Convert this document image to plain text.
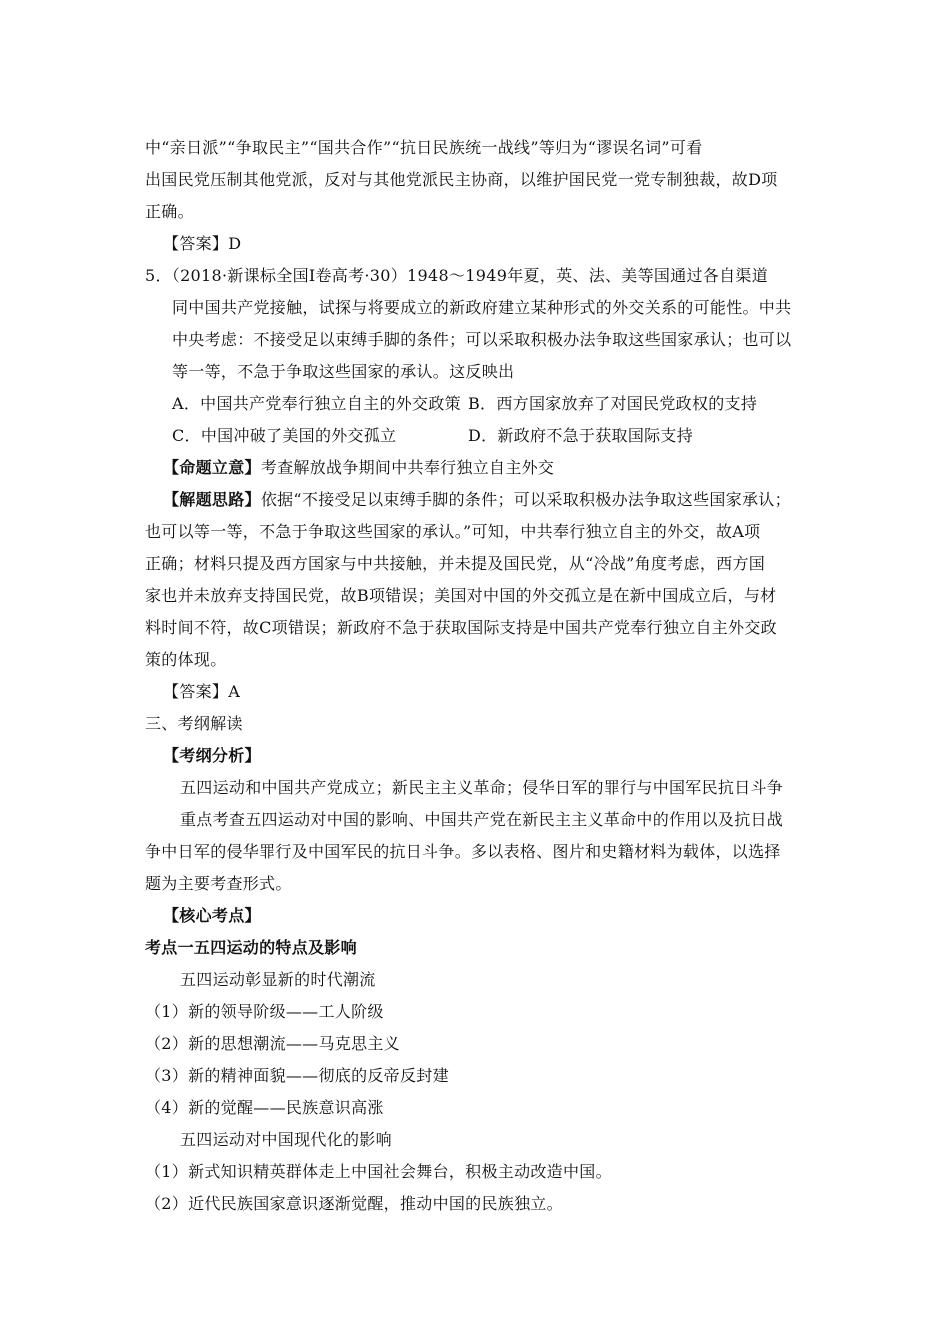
中“亲日派”“争取民主”“国共合作”“抗日民族统一战线”等归为“谬误名词”可看
出国民党压制其他党派，反对与其他党派民主协商，以维护国民党一党专制独裁，故D项
正确。
【答案】D
5．（2018·新课标全国Ⅰ卷高考·30）1948～1949年夏，英、法、美等国通过各自渠道
同中国共产党接触，试探与将要成立的新政府建立某种形式的外交关系的可能性。中共
中央考虑：不接受足以束缚手脚的条件；可以采取积极办法争取这些国家承认；也可以
等一等，不急于争取这些国家的承认。这反映出
A．中国共产党奉行独立自主的外交政策 B．西方国家放弃了对国民党政权的支持
C．中国冲破了美国的外交孤立	D．新政府不急于获取国际支持
【命题立意】考查解放战争期间中共奉行独立自主外交
【解题思路】依据“不接受足以束缚手脚的条件；可以采取积极办法争取这些国家承认；
也可以等一等，不急于争取这些国家的承认。”可知，中共奉行独立自主的外交，故A项
正确；材料只提及西方国家与中共接触，并未提及国民党，从“冷战”角度考虑，西方国
家也并未放弃支持国民党，故B项错误；美国对中国的外交孤立是在新中国成立后，与材
料时间不符，故C项错误；新政府不急于获取国际支持是中国共产党奉行独立自主外交政
策的体现。
【答案】A
三、考纲解读
【考纲分析】
五四运动和中国共产党成立；新民主主义革命；侵华日军的罪行与中国军民抗日斗争
重点考查五四运动对中国的影响、中国共产党在新民主主义革命中的作用以及抗日战
争中日军的侵华罪行及中国军民的抗日斗争。多以表格、图片和史籍材料为载体，以选择
题为主要考查形式。
【核心考点】
考点一五四运动的特点及影响
五四运动彰显新的时代潮流
（1）新的领导阶级——工人阶级
（2）新的思想潮流——马克思主义
（3）新的精神面貌——彻底的反帝反封建
（4）新的觉醒——民族意识高涨
五四运动对中国现代化的影响
（1）新式知识精英群体走上中国社会舞台，积极主动改造中国。
（2）近代民族国家意识逐渐觉醒，推动中国的民族独立。
